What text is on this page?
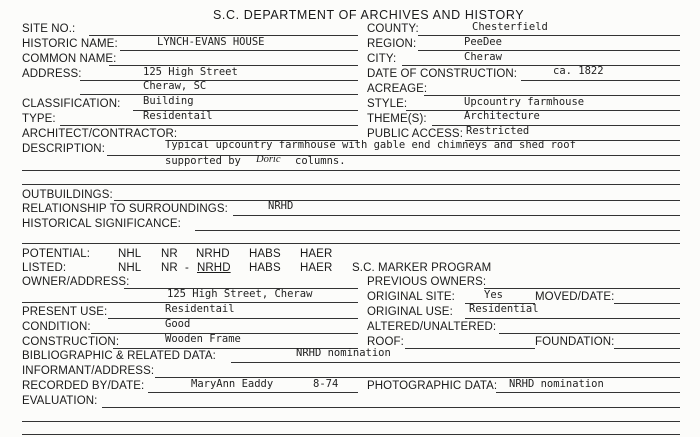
S.C. DEPARTMENT OF ARCHIVES AND HISTORY
SITE NO.:
HISTORIC NAME:	LYNCH-EVANS HOUSE
COMMON NAME:
ADDRESS:	125 High Street
Cheraw, SC
CLASSIFICATION: Building
TYPE:	Residentail
ARCHITECT/CONTRACTOR:
DESCRIPTION:	Typical upcountry farmhouse with gable end chimneys and shed roof
supported by Doric columns.
COUNTY:	Chesterfield
REGION:	PeeDee
CITY:	Cheraw
DATE OF CONSTRUCTION:	ca. 1822
ACREAGE:
STYLE:	Upcountry farmhouse
THEME(S):	Architecture
PUBLIC ACCESS: Restricted
OUTBUILDINGS:
RELATIONSHIP TO SURROUNDINGS:	NRHD
HISTORICAL SIGNIFICANCE:
POTENTIAL: NHL NR NRHD HABS HAER
LISTED:	NHL NR - NRHD HABS HAER S.C. MARKER PROGRAM
OWNER/ADDRESS:
125 High Street, Cheraw
PREVIOUS OWNERS:
ORIGINAL SITE:	Yes	MOVED/DATE:
PRESENT USE:	Residentail	ORIGINAL USE: Residential
CONDITION:	Good	ALTERED/UNALTERED:
CONSTRUCTION:	Wooden Frame	ROOF:	FOUNDATION:
BIBLIOGRAPHIC & RELATED DATA:	NRHD nomination
INFORMANT/ADDRESS:
RECORDED BY/DATE:	MaryAnn Eaddy	8-74 PHOTOGRAPHIC DATA: NRHD nomination
EVALUATION:
